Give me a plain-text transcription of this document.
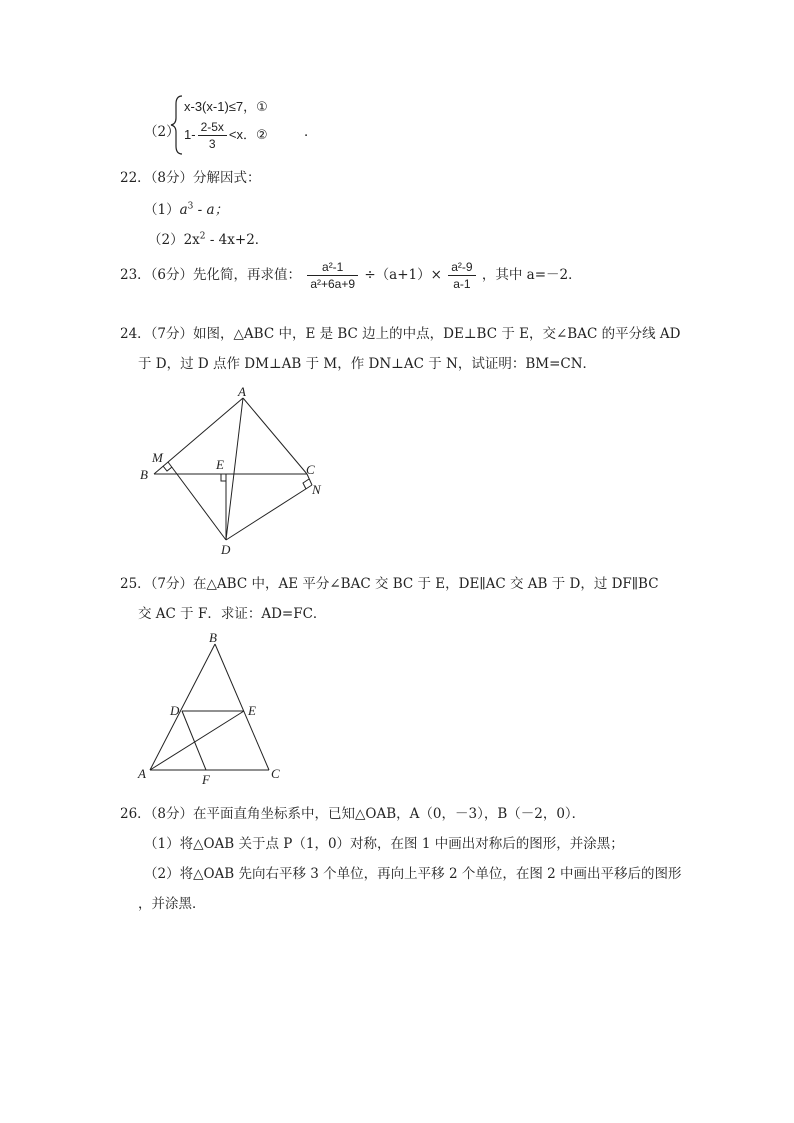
（2）
x-3(x-1)≤7，①
$1- \frac{2-5x}{3} <x$．②	．
22．（8分）分解因式：
$(1)a^3$ - a；
$(2)2x^2 - 4x+2$．
23．（6分）先化简，再求值： $\frac{\text{a²-1}}{\text{a²+6a+9}} \div(a+1)\times \frac{\text{a²-9}}{a-1}$ ，其中 a=－2．
24．（7分）如图，△ABC 中，E 是 BC 边上的中点，DE⊥BC 于 E，交∠BAC 的平分线 AD
于 D，过 D 点作 DM⊥AB 于 M，作 DN⊥AC 于 N，试证明：BM=CN．
A
B	C
D
E
M
N
25．（7分）在△ABC 中，AE 平分∠BAC 交 BC 于 E，DE∥AC 交 AB 于 D，过 DF∥BC
交 AC 于 F．求证：AD=FC．
B
D	E
A	F	C
26．（8分）在平面直角坐标系中，已知△OAB，A（0，－3），B（－2，0）．
（1）将△OAB 关于点 P（1，0）对称，在图 1 中画出对称后的图形，并涂黑；
（2）将△OAB 先向右平移 3 个单位，再向上平移 2 个单位，在图 2 中画出平移后的图形
，并涂黑．
